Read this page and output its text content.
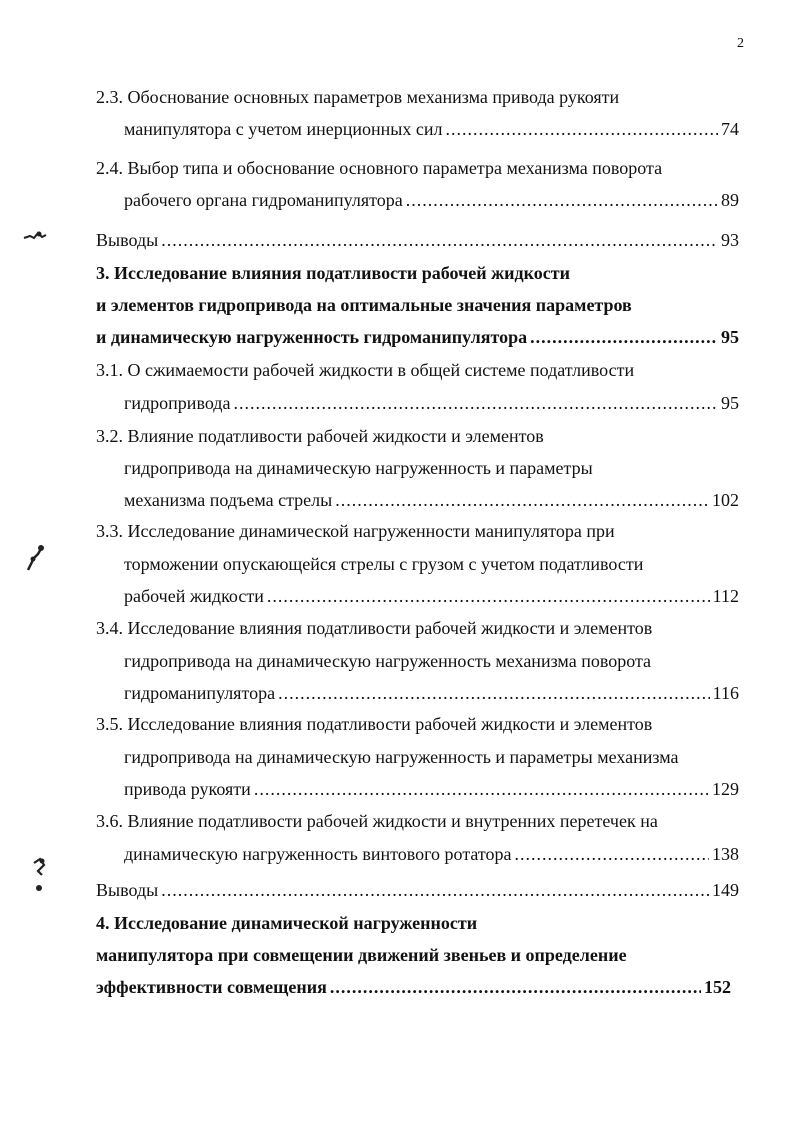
2
2.3. Обоснование основных параметров механизма привода рукояти
манипулятора с учетом инерционных сил .....	74
2.4. Выбор типа и обоснование основного параметра механизма поворота
рабочего органа гидроманипулятора .....	89
Выводы .....	93
3. Исследование влияния податливости рабочей жидкости
и элементов гидропривода на оптимальные значения параметров
и динамическую нагруженность гидроманипулятора .....	95
3.1. О сжимаемости рабочей жидкости в общей системе податливости
гидропривода .....	95
3.2. Влияние податливости рабочей жидкости и элементов
гидропривода на динамическую нагруженность и параметры
механизма подъема стрелы .....	102
3.3. Исследование динамической нагруженности манипулятора при
торможении опускающейся стрелы с грузом с учетом податливости
рабочей жидкости .....	112
3.4. Исследование влияния податливости рабочей жидкости и элементов
гидропривода на динамическую нагруженность механизма поворота
гидроманипулятора .....	116
3.5. Исследование влияния податливости рабочей жидкости и элементов
гидропривода на динамическую нагруженность и параметры механизма
привода рукояти .....	129
3.6. Влияние податливости рабочей жидкости и внутренних перетечек на
динамическую нагруженность винтового ротатора .....	138
Выводы .....	149
4. Исследование динамической нагруженности
манипулятора при совмещении движений звеньев и определение
эффективности совмещения .....	152
